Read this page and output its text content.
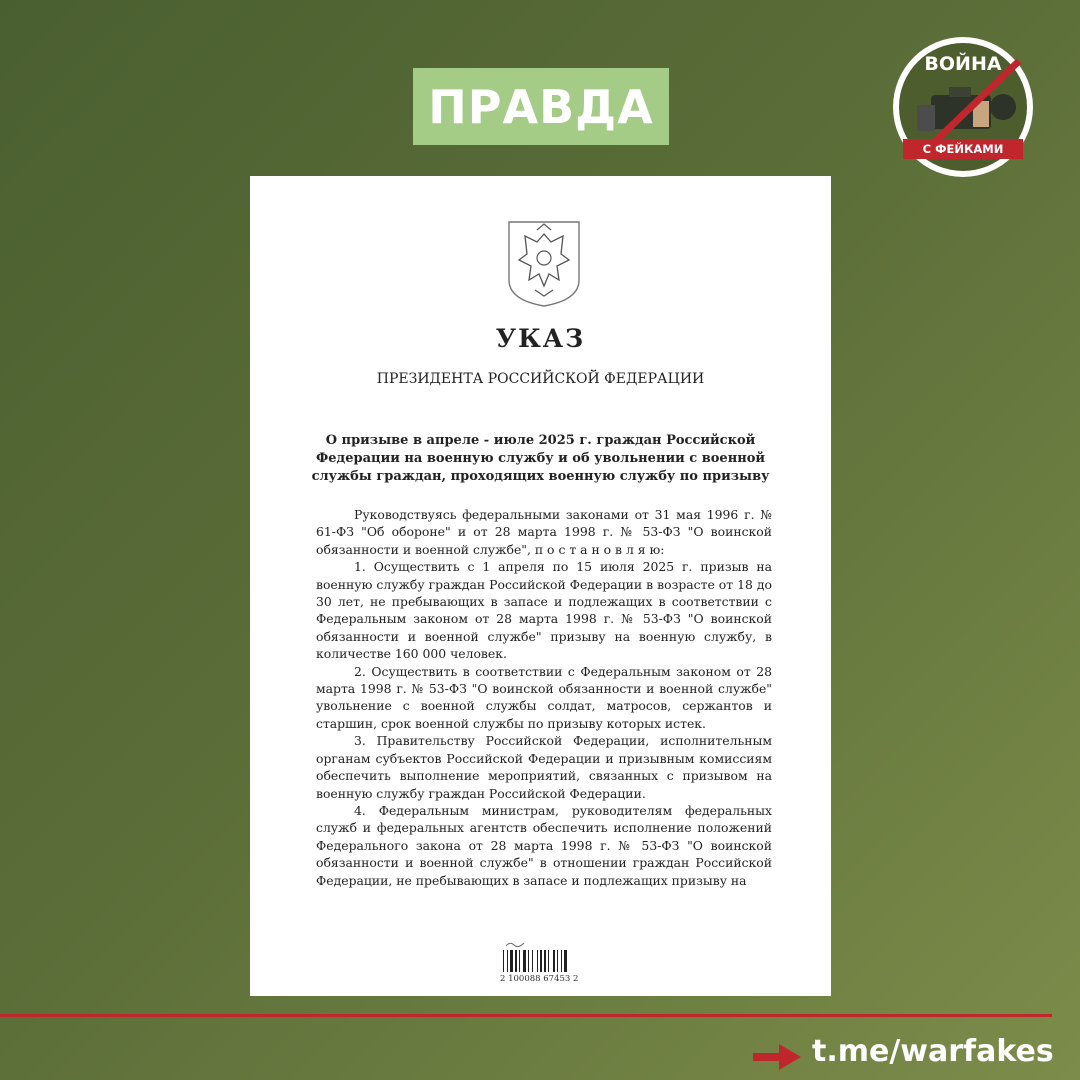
ПРАВДА
ВОЙНА
С ФЕЙКАМИ
УКАЗ
ПРЕЗИДЕНТА РОССИЙСКОЙ ФЕДЕРАЦИИ
О призыве в апреле - июле 2025 г. граждан Российской Федерации на военную службу и об увольнении с военной службы граждан, проходящих военную службу по призыву

Руководствуясь федеральными законами от 31 мая 1996 г. № 61-ФЗ "Об обороне" и от 28 марта 1998 г. № 53-ФЗ "О воинской обязанности и военной службе", п о с т а н о в л я ю:

1. Осуществить с 1 апреля по 15 июля 2025 г. призыв на военную службу граждан Российской Федерации в возрасте от 18 до 30 лет, не пребывающих в запасе и подлежащих в соответствии с Федеральным законом от 28 марта 1998 г. № 53-ФЗ "О воинской обязанности и военной службе" призыву на военную службу, в количестве 160 000 человек.

2. Осуществить в соответствии с Федеральным законом от 28 марта 1998 г. № 53-ФЗ "О воинской обязанности и военной службе" увольнение с военной службы солдат, матросов, сержантов и старшин, срок военной службы по призыву которых истек.

3. Правительству Российской Федерации, исполнительным органам субъектов Российской Федерации и призывным комиссиям обеспечить выполнение мероприятий, связанных с призывом на военную службу граждан Российской Федерации.

4. Федеральным министрам, руководителям федеральных служб и федеральных агентств обеспечить исполнение положений Федерального закона от 28 марта 1998 г. № 53-ФЗ "О воинской обязанности и военной службе" в отношении граждан Российской Федерации, не пребывающих в запасе и подлежащих призыву на

2 100088 67453 2
t.me/warfakes
